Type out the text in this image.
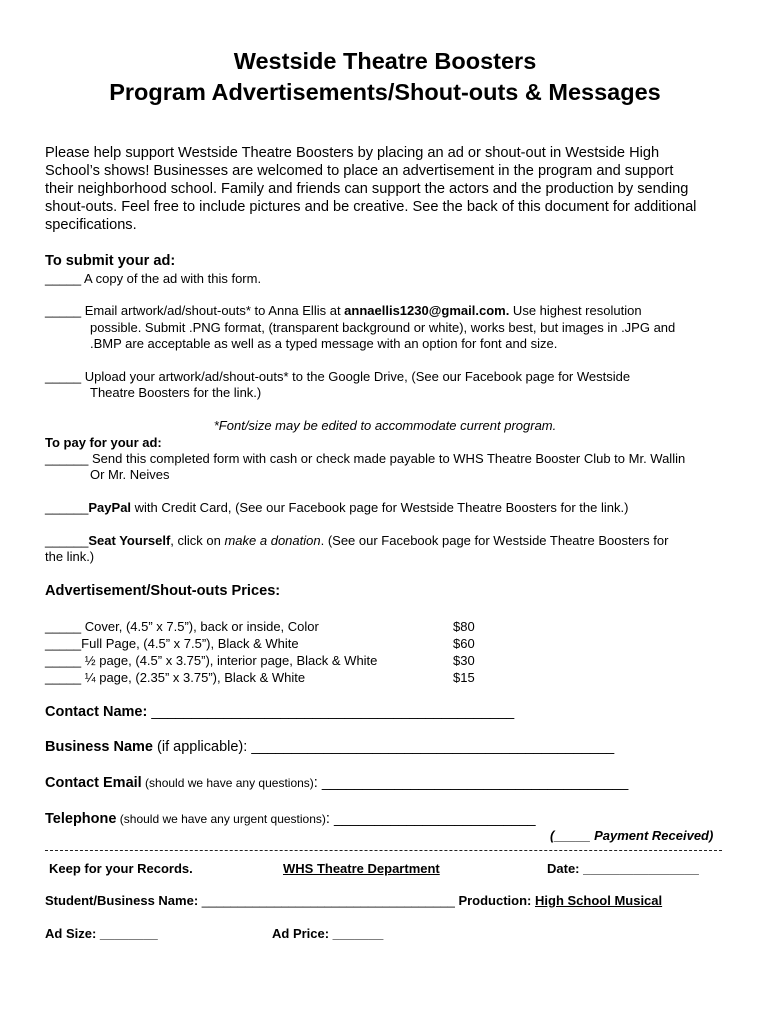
Westside Theatre Boosters
Program Advertisements/Shout-outs & Messages
Please help support Westside Theatre Boosters by placing an ad or shout-out in Westside High
School’s shows! Businesses are welcomed to place an advertisement in the program and support
their neighborhood school. Family and friends can support the actors and the production by sending
shout-outs. Feel free to include pictures and be creative. See the back of this document for additional
specifications.
To submit your ad:
_____ A copy of the ad with this form.
_____ Email artwork/ad/shout-outs* to Anna Ellis at annaellis1230@gmail.com. Use highest resolution
possible. Submit .PNG format, (transparent background or white), works best, but images in .JPG and
.BMP are acceptable as well as a typed message with an option for font and size.
_____ Upload your artwork/ad/shout-outs* to the Google Drive, (See our Facebook page for Westside
Theatre Boosters for the link.)
*Font/size may be edited to accommodate current program.
To pay for your ad:
______ Send this completed form with cash or check made payable to WHS Theatre Booster Club to Mr. Wallin
Or Mr. Neives
______PayPal with Credit Card, (See our Facebook page for Westside Theatre Boosters for the link.)
______Seat Yourself, click on make a donation. (See our Facebook page for Westside Theatre Boosters for
the link.)
Advertisement/Shout-outs Prices:
_____ Cover, (4.5” x 7.5”), back or inside, Color	$80
_____Full Page, (4.5” x 7.5”), Black & White	$60
_____ ½ page, (4.5” x 3.75”), interior page, Black & White	$30
_____ ¼ page, (2.35” x 3.75”), Black & White	$15
Contact Name: _____________________________________________
Business Name (if applicable): _____________________________________________
Contact Email (should we have any questions): ______________________________________
Telephone (should we have any urgent questions): _________________________
(_____ Payment Received)
Keep for your Records.	WHS Theatre Department	Date: ________________
Student/Business Name: ___________________________________ Production: High School Musical
Ad Size: ________	Ad Price: _______
